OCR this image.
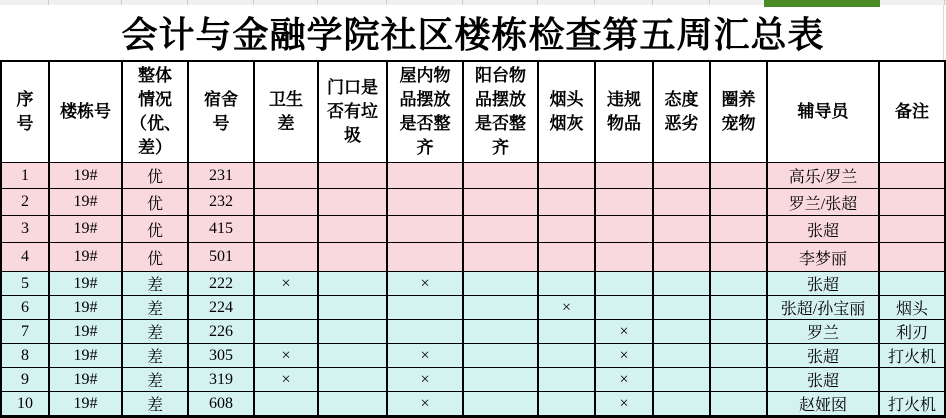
会计与金融学院社区楼栋检查第五周汇总表
序号	楼栋号	整体情况（优、差）	宿舍号	卫生差	门口是否有垃圾	屋内物品摆放是否整齐	阳台物品摆放是否整齐	烟头烟灰	违规物品	态度恶劣	圈养宠物	辅导员	备注
1	19#	优	231									高乐/罗兰	
2	19#	优	232									罗兰/张超	
3	19#	优	415									张超	
4	19#	优	501									李梦丽	
5	19#	差	222	×		×						张超	
6	19#	差	224					×				张超/孙宝丽	烟头
7	19#	差	226						×			罗兰	利刃
8	19#	差	305	×		×			×			张超	打火机
9	19#	差	319	×		×			×			张超	
10	19#	差	608			×			×			赵娅囡	打火机
